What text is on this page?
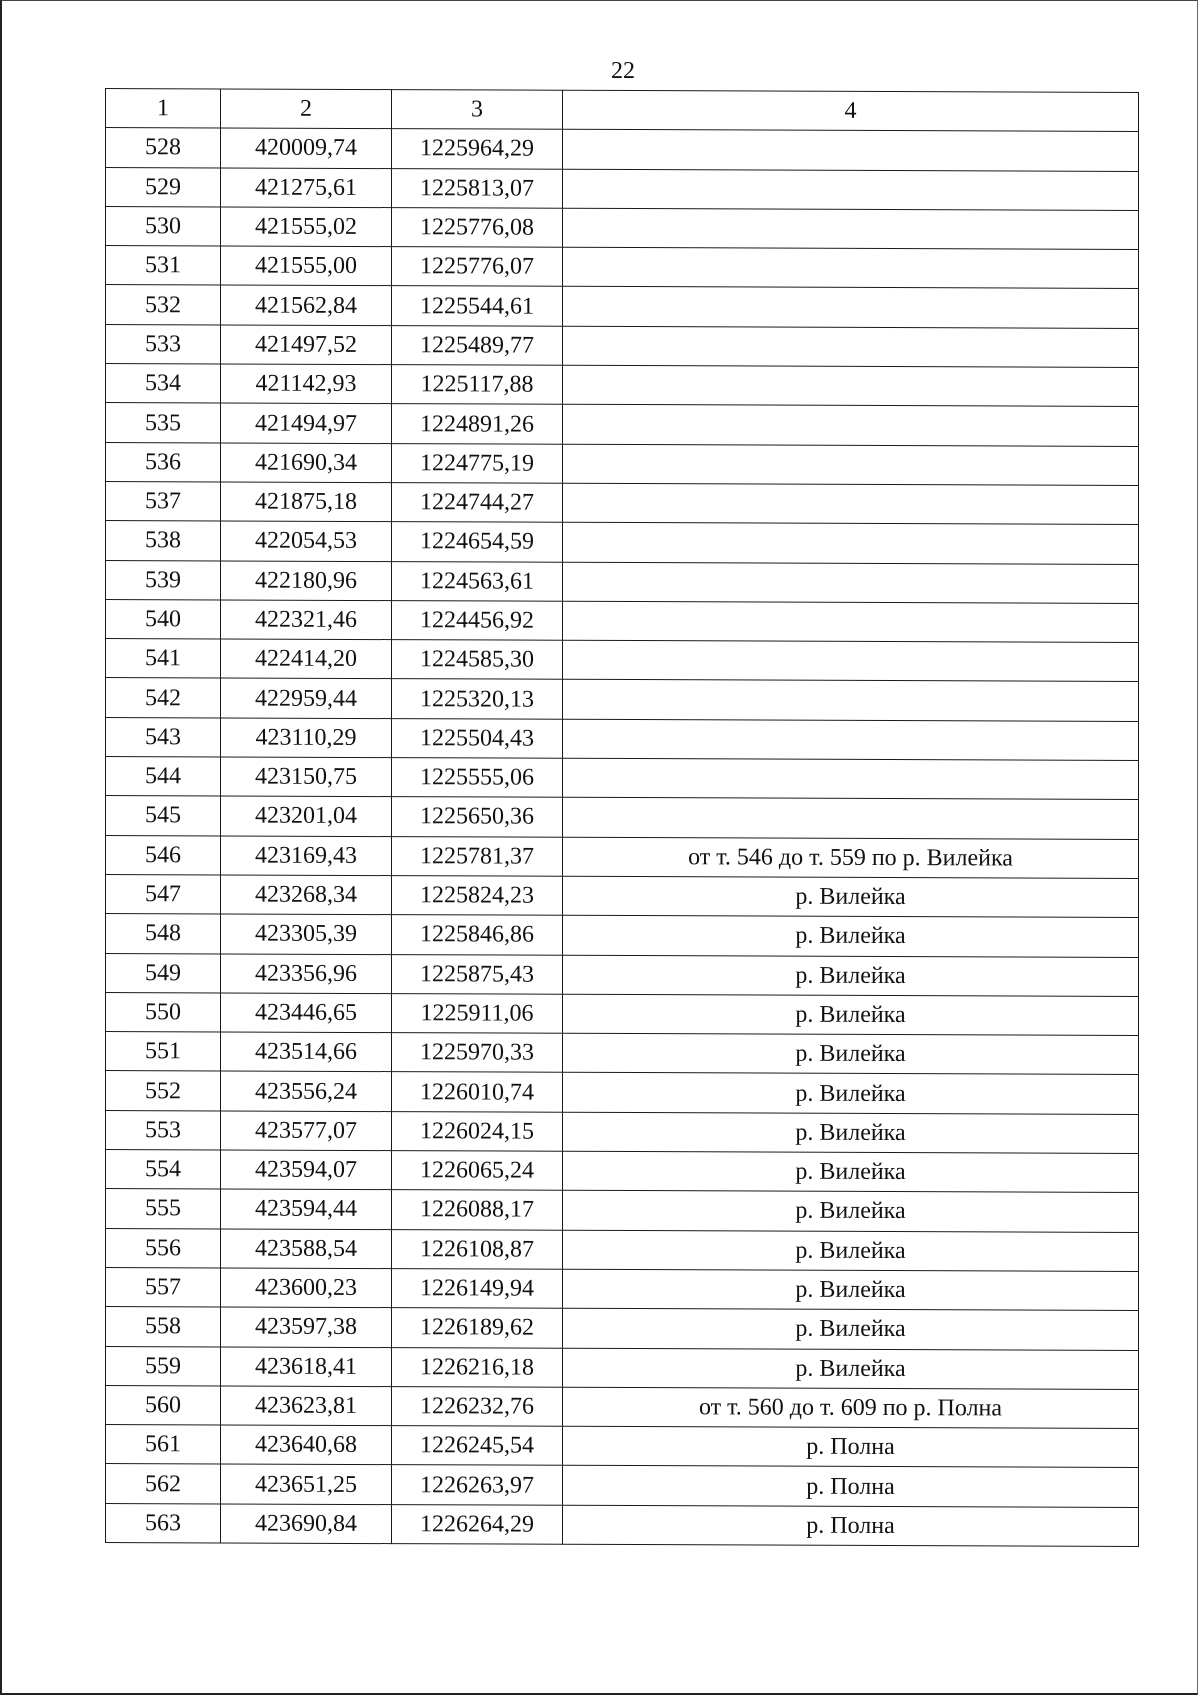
22
1	2	3	4
528	420009,74	1225964,29	
529	421275,61	1225813,07	
530	421555,02	1225776,08	
531	421555,00	1225776,07	
532	421562,84	1225544,61	
533	421497,52	1225489,77	
534	421142,93	1225117,88	
535	421494,97	1224891,26	
536	421690,34	1224775,19	
537	421875,18	1224744,27	
538	422054,53	1224654,59	
539	422180,96	1224563,61	
540	422321,46	1224456,92	
541	422414,20	1224585,30	
542	422959,44	1225320,13	
543	423110,29	1225504,43	
544	423150,75	1225555,06	
545	423201,04	1225650,36	
546	423169,43	1225781,37	от т. 546 до т. 559 по р. Вилейка
547	423268,34	1225824,23	р. Вилейка
548	423305,39	1225846,86	р. Вилейка
549	423356,96	1225875,43	р. Вилейка
550	423446,65	1225911,06	р. Вилейка
551	423514,66	1225970,33	р. Вилейка
552	423556,24	1226010,74	р. Вилейка
553	423577,07	1226024,15	р. Вилейка
554	423594,07	1226065,24	р. Вилейка
555	423594,44	1226088,17	р. Вилейка
556	423588,54	1226108,87	р. Вилейка
557	423600,23	1226149,94	р. Вилейка
558	423597,38	1226189,62	р. Вилейка
559	423618,41	1226216,18	р. Вилейка
560	423623,81	1226232,76	от т. 560 до т. 609 по р. Полна
561	423640,68	1226245,54	р. Полна
562	423651,25	1226263,97	р. Полна
563	423690,84	1226264,29	р. Полна
